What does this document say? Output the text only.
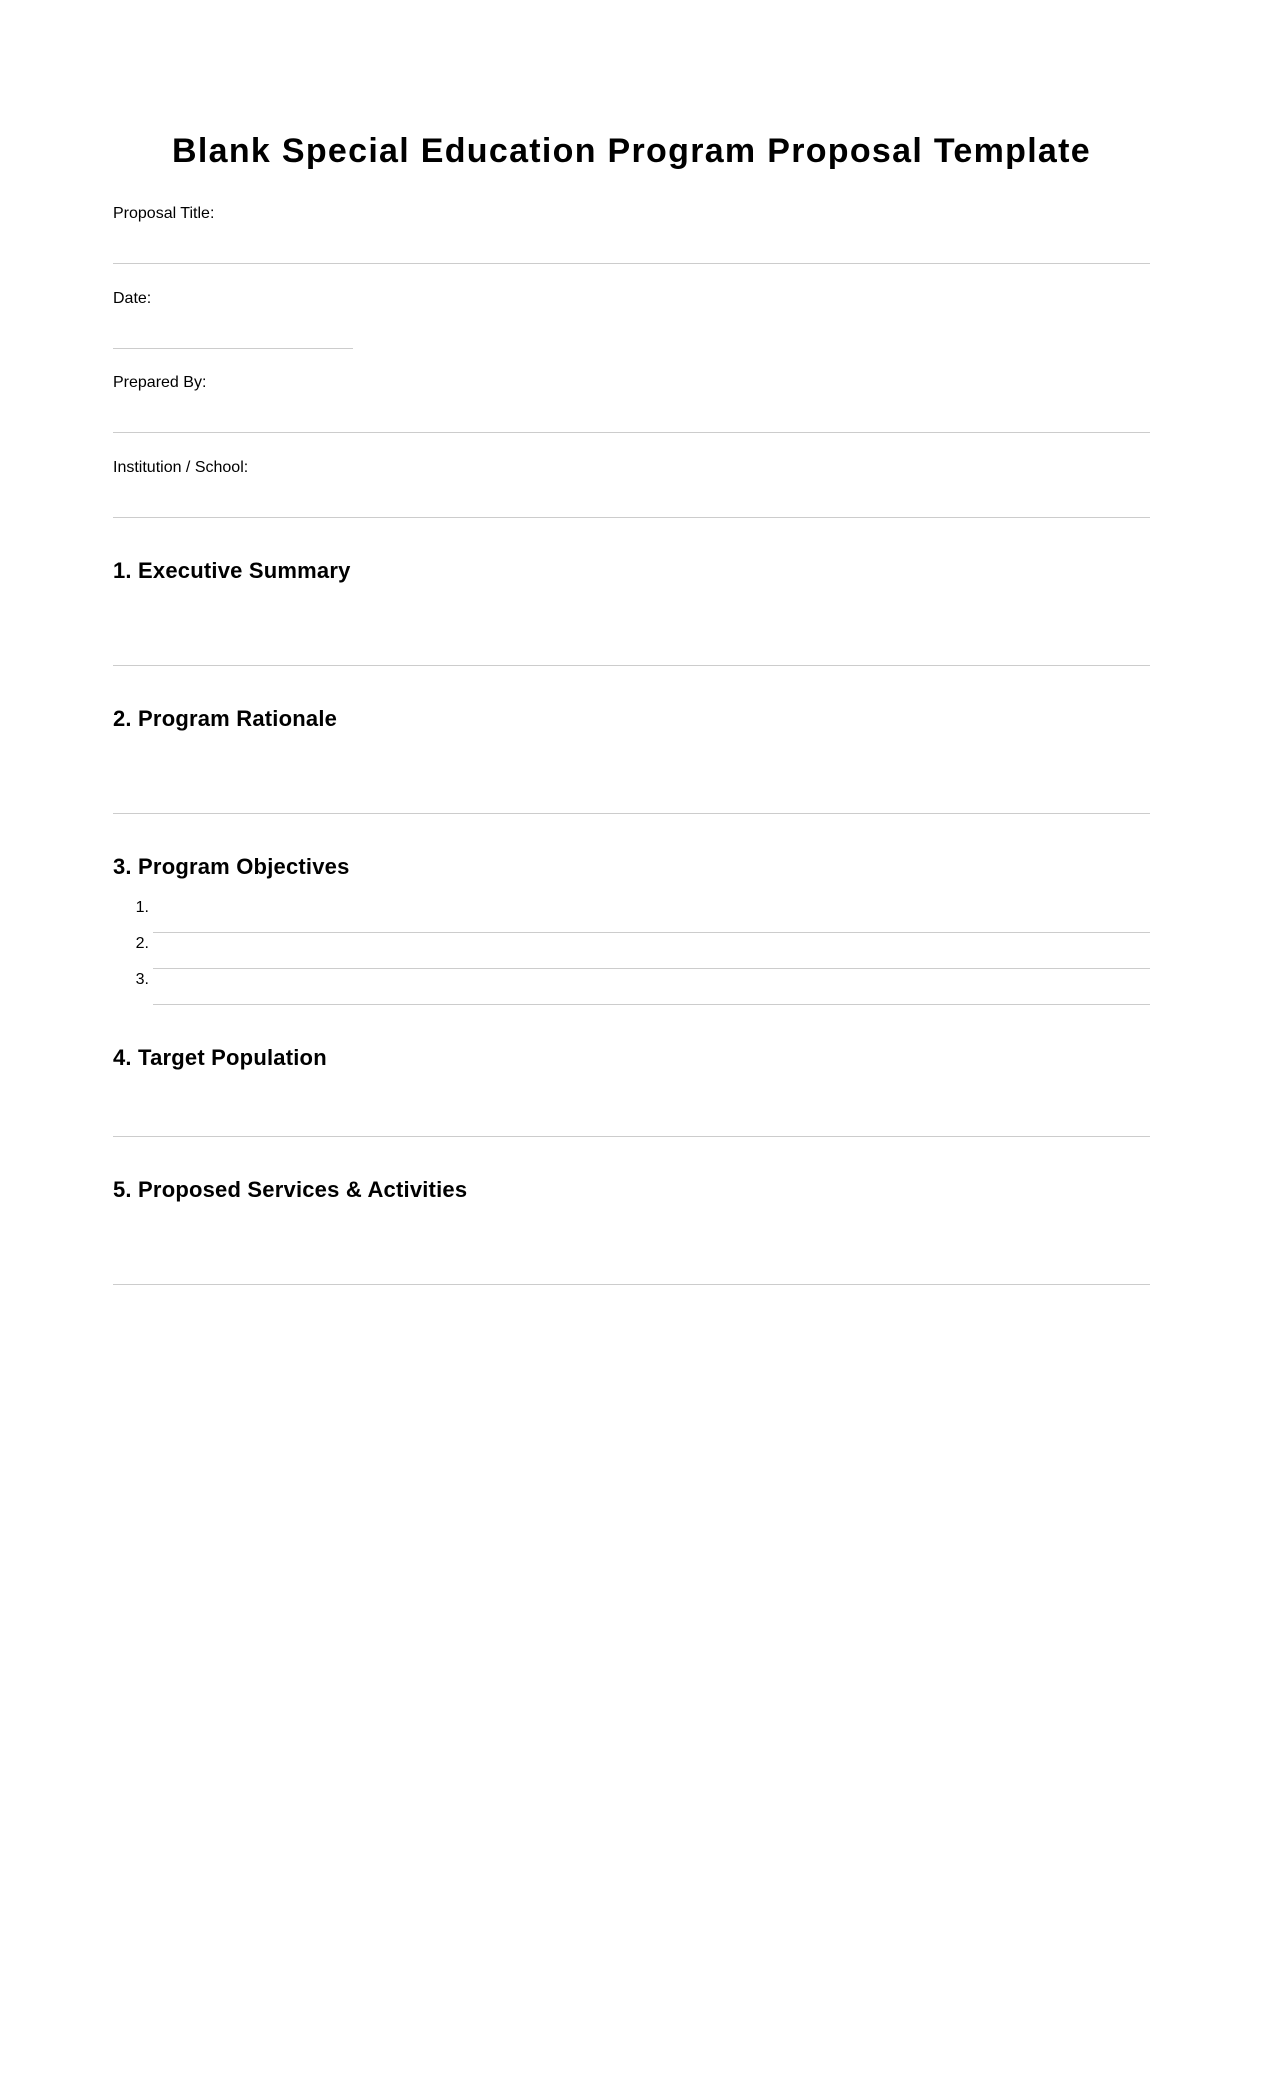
Blank Special Education Program Proposal Template
Proposal Title:
Date:
Prepared By:
Institution / School:
1. Executive Summary
2. Program Rationale
3. Program Objectives
1.
2.
3.
4. Target Population
5. Proposed Services & Activities
